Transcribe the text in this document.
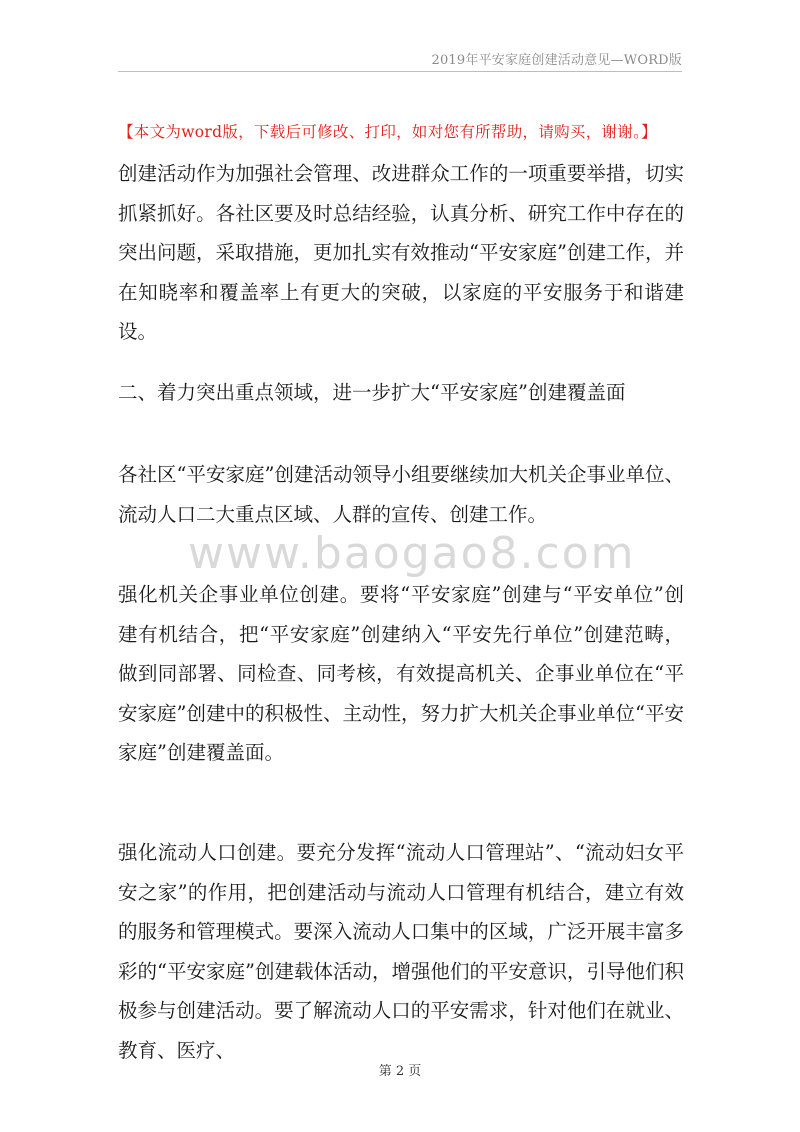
2019年平安家庭创建活动意见—WORD版
【本文为word版，下载后可修改、打印，如对您有所帮助，请购买，谢谢。】
创建活动作为加强社会管理、改进群众工作的一项重要举措，切实抓紧抓好。各社区要及时总结经验，认真分析、研究工作中存在的突出问题，采取措施，更加扎实有效推动“平安家庭”创建工作，并在知晓率和覆盖率上有更大的突破，以家庭的平安服务于和谐建设。
二、着力突出重点领域，进一步扩大“平安家庭”创建覆盖面
各社区“平安家庭”创建活动领导小组要继续加大机关企事业单位、流动人口二大重点区域、人群的宣传、创建工作。
www.baogao8.com
强化机关企事业单位创建。要将“平安家庭”创建与“平安单位”创建有机结合，把“平安家庭”创建纳入“平安先行单位”创建范畴，做到同部署、同检查、同考核，有效提高机关、企事业单位在“平安家庭”创建中的积极性、主动性，努力扩大机关企事业单位“平安家庭”创建覆盖面。
强化流动人口创建。要充分发挥“流动人口管理站”、“流动妇女平安之家”的作用，把创建活动与流动人口管理有机结合，建立有效的服务和管理模式。要深入流动人口集中的区域，广泛开展丰富多彩的“平安家庭”创建载体活动，增强他们的平安意识，引导他们积极参与创建活动。要了解流动人口的平安需求，针对他们在就业、教育、医疗、
第 2 页
